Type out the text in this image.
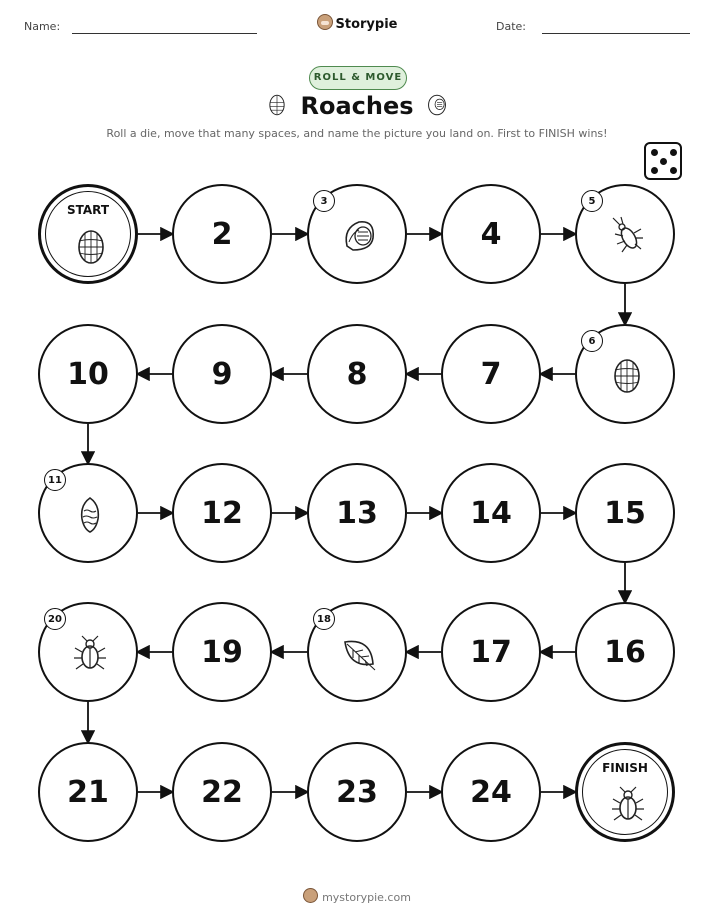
Name:	Storypie	Date:
ROLL & MOVE
Roaches
Roll a die, move that many spaces, and name the picture you land on. First to FINISH wins!
START
2
3
4
5
6
7
8
9
10
11
12	13	14	15
16
17
18
19
20
21	22	23	24
FINISH
mystorypie.com
